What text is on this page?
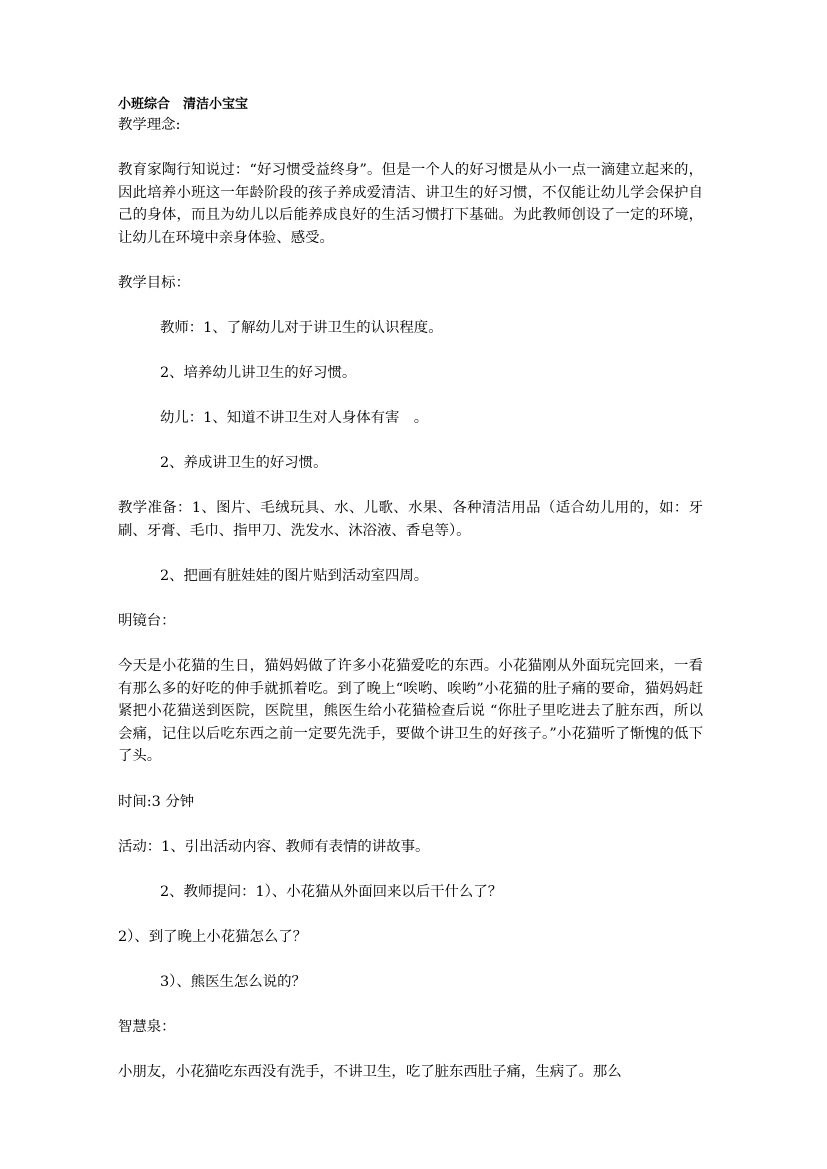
小班综合　清洁小宝宝

教学理念:

教育家陶行知说过：“好习惯受益终身”。但是一个人的好习惯是从小一点一滴建立起来的，因此培养小班这一年龄阶段的孩子养成爱清洁、讲卫生的好习惯，不仅能让幼儿学会保护自己的身体，而且为幼儿以后能养成良好的生活习惯打下基础。为此教师创设了一定的环境，让幼儿在环境中亲身体验、感受。

教学目标：

教师：1、了解幼儿对于讲卫生的认识程度。

2、培养幼儿讲卫生的好习惯。

幼儿：1、知道不讲卫生对人身体有害　。

2、养成讲卫生的好习惯。

教学准备：1、图片、毛绒玩具、水、儿歌、水果、各种清洁用品（适合幼儿用的，如：牙刷、牙膏、毛巾、指甲刀、洗发水、沐浴液、香皂等）。

2、把画有脏娃娃的图片贴到活动室四周。

明镜台：

今天是小花猫的生日，猫妈妈做了许多小花猫爱吃的东西。小花猫刚从外面玩完回来，一看有那么多的好吃的伸手就抓着吃。到了晚上“唉哟、唉哟”小花猫的肚子痛的要命，猫妈妈赶紧把小花猫送到医院，医院里，熊医生给小花猫检查后说 “你肚子里吃进去了脏东西，所以会痛，记住以后吃东西之前一定要先洗手，要做个讲卫生的好孩子。”小花猫听了惭愧的低下了头。

时间:3 分钟

活动：1、引出活动内容、教师有表情的讲故事。

2、教师提问：1）、小花猫从外面回来以后干什么了？

2）、到了晚上小花猫怎么了？

3）、熊医生怎么说的？

智慧泉：

小朋友，小花猫吃东西没有洗手，不讲卫生，吃了脏东西肚子痛，生病了。那么
